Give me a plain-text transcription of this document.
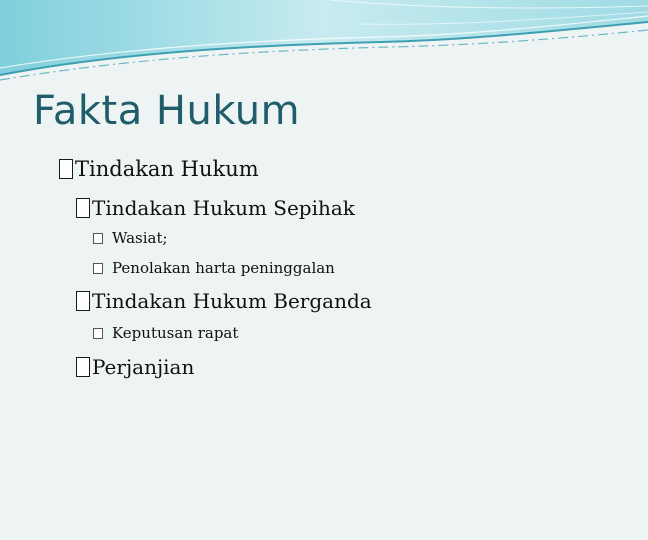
Fakta Hukum
Tindakan Hukum
Tindakan Hukum Sepihak
Wasiat;
Penolakan harta peninggalan
Tindakan Hukum Berganda
Keputusan rapat
Perjanjian
